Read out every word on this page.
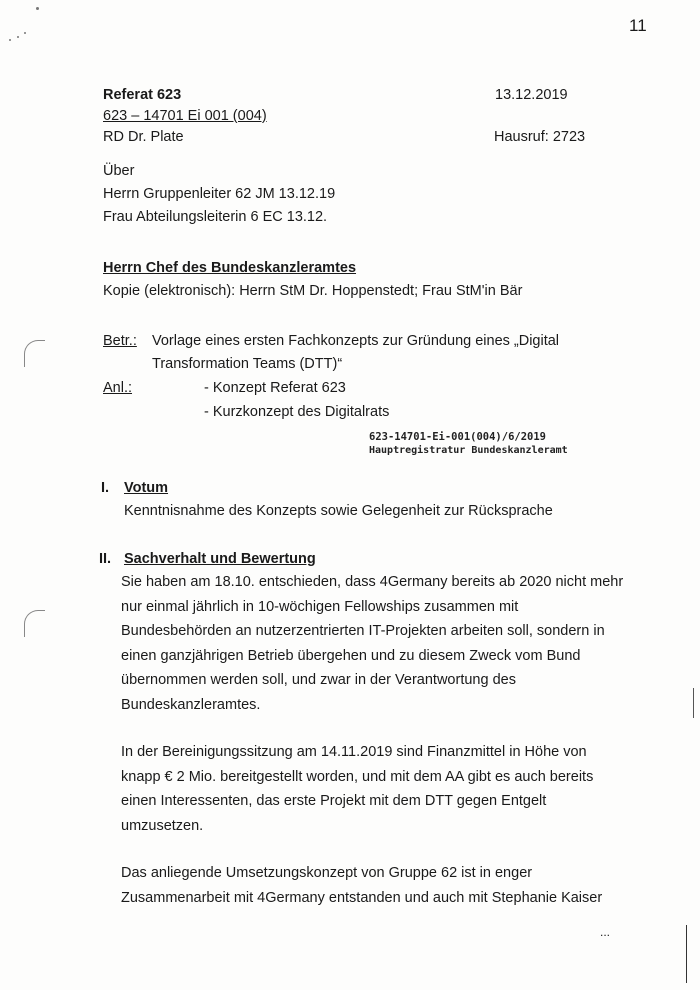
11
Referat 623
623 – 14701 Ei 001 (004)
RD Dr. Plate
13.12.2019
Hausruf: 2723
Über
Herrn Gruppenleiter 62 JM 13.12.19
Frau Abteilungsleiterin 6 EC 13.12.
Herrn Chef des Bundeskanzleramtes
Kopie (elektronisch): Herrn StM Dr. Hoppenstedt; Frau StM'in Bär
Betr.: Vorlage eines ersten Fachkonzepts zur Gründung eines „Digital
Transformation Teams (DTT)“
Anl.:	- Konzept Referat 623
- Kurzkonzept des Digitalrats
623-14701-Ei-001(004)/6/2019
Hauptregistratur Bundeskanzleramt
I. Votum
Kenntnisnahme des Konzepts sowie Gelegenheit zur Rücksprache
II. Sachverhalt und Bewertung
Sie haben am 18.10. entschieden, dass 4Germany bereits ab 2020 nicht mehr
nur einmal jährlich in 10-wöchigen Fellowships zusammen mit
Bundesbehörden an nutzerzentrierten IT-Projekten arbeiten soll, sondern in
einen ganzjährigen Betrieb übergehen und zu diesem Zweck vom Bund
übernommen werden soll, und zwar in der Verantwortung des
Bundeskanzleramtes.
In der Bereinigungssitzung am 14.11.2019 sind Finanzmittel in Höhe von
knapp € 2 Mio. bereitgestellt worden, und mit dem AA gibt es auch bereits
einen Interessenten, das erste Projekt mit dem DTT gegen Entgelt
umzusetzen.
Das anliegende Umsetzungskonzept von Gruppe 62 ist in enger
Zusammenarbeit mit 4Germany entstanden und auch mit Stephanie Kaiser
...
